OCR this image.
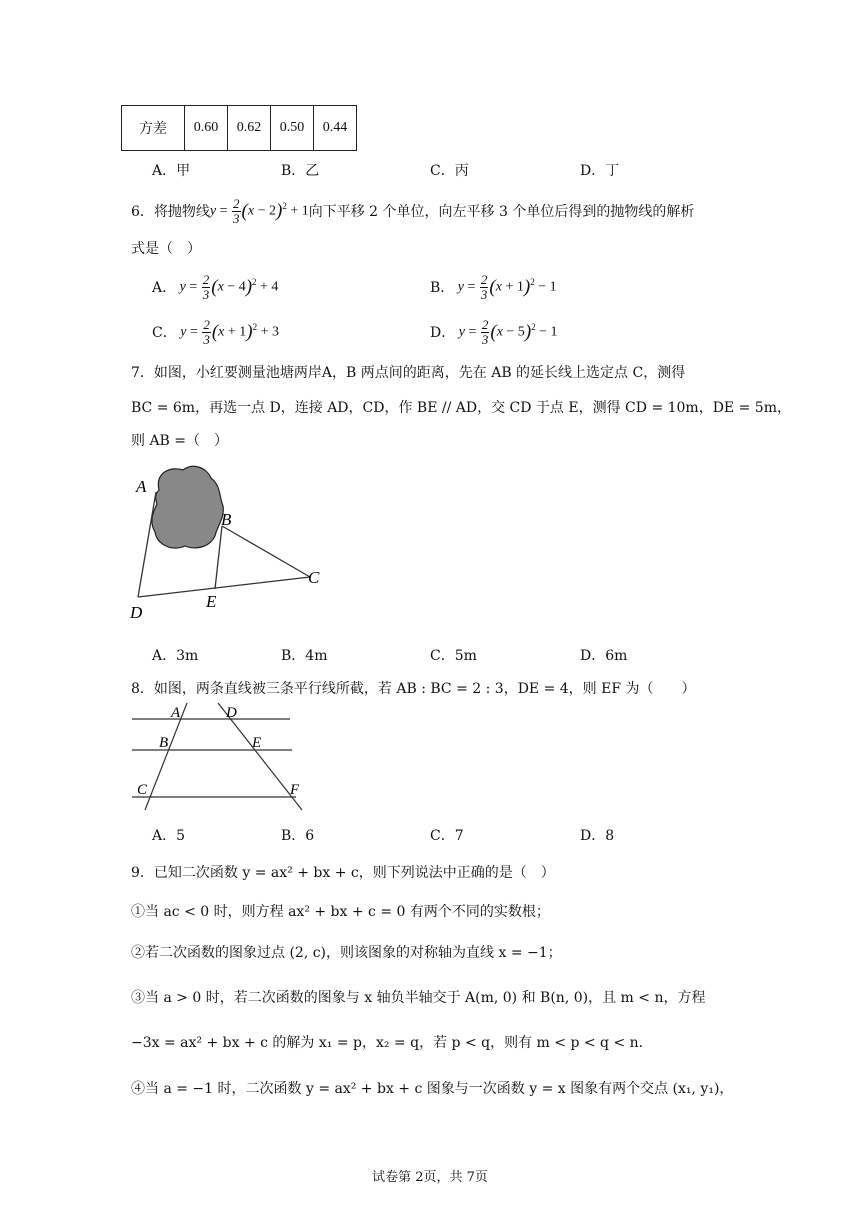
方差	0.60	0.62	0.50	0.44
A．甲	B．乙	C．丙	D．丁
6． 将抛物线 $y = \frac{2}{3} (x - 2)^2 + 1$ 向下平移 2 个单位，向左平移 3 个单位后得到的抛物线的解析
式是（　）
A． $y = \frac{2}{3} (x - 4)^2 + 4$	B． $y = \frac{2}{3} (x + 1)^2 - 1$
C． $y = \frac{2}{3} (x + 1)^2 + 3$	D． $y = \frac{2}{3} (x - 5)^2 - 1$
7．如图，小红要测量池塘两岸A，B 两点间的距离，先在 AB 的延长线上选定点 C，测得
BC = 6m，再选一点 D，连接 AD，CD，作 BE // AD，交 CD 于点 E，测得 CD = 10m，DE = 5m，
则 AB =（　）
A
B
C
D
E
A．3m	B．4m	C．5m	D．6m
8．如图，两条直线被三条平行线所截，若 AB : BC = 2 : 3，DE = 4，则 EF 为（　　）
A	D
B	E
C	F
A．5	B．6	C．7	D．8
9．已知二次函数 y = ax² + bx + c，则下列说法中正确的是（　）
①当 ac < 0 时，则方程 ax² + bx + c = 0 有两个不同的实数根；
②若二次函数的图象过点 (2, c)，则该图象的对称轴为直线 x = −1；
③当 a > 0 时，若二次函数的图象与 x 轴负半轴交于 A(m, 0) 和 B(n, 0)，且 m < n，方程
−3x = ax² + bx + c 的解为 x₁ = p，x₂ = q，若 p < q，则有 m < p < q < n．
④当 a = −1 时，二次函数 y = ax² + bx + c 图象与一次函数 y = x 图象有两个交点 (x₁, y₁)，
试卷第 2页，共 7页
